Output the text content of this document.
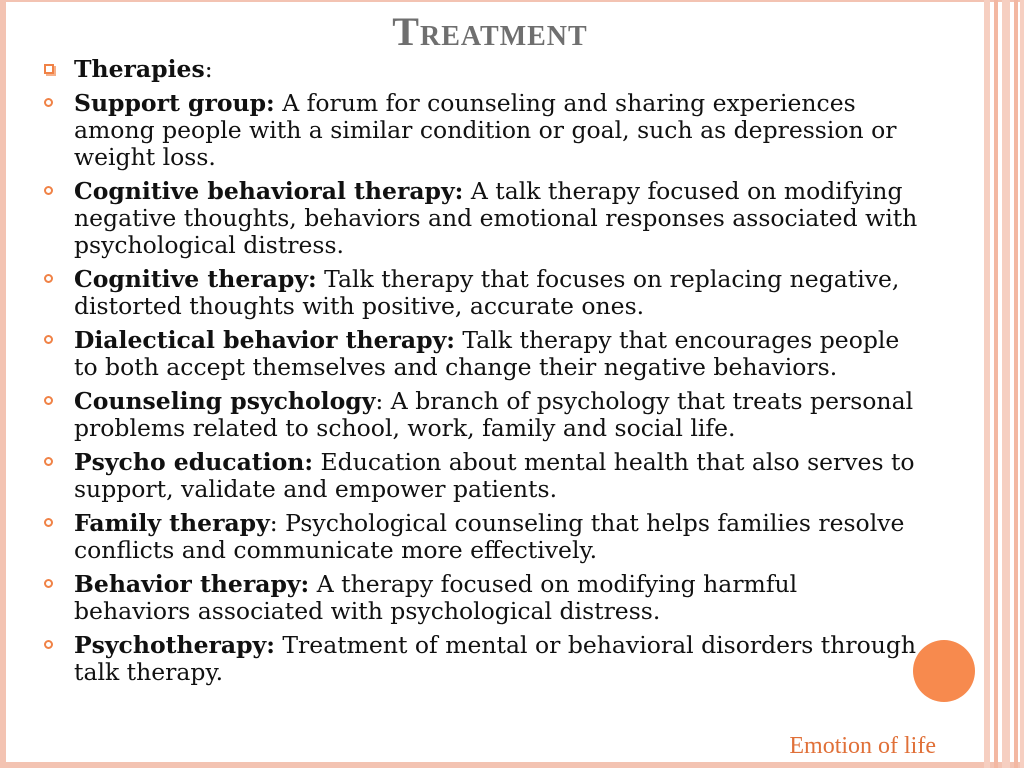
Treatment
Therapies:
Support group: A forum for counseling and sharing experiences among people with a similar condition or goal, such as depression or weight loss.
Cognitive behavioral therapy: A talk therapy focused on modifying negative thoughts, behaviors and emotional responses associated with psychological distress.
Cognitive therapy: Talk therapy that focuses on replacing negative, distorted thoughts with positive, accurate ones.
Dialectical behavior therapy: Talk therapy that encourages people to both accept themselves and change their negative behaviors.
Counseling psychology: A branch of psychology that treats personal problems related to school, work, family and social life.
Psycho education: Education about mental health that also serves to support, validate and empower patients.
Family therapy: Psychological counseling that helps families resolve conflicts and communicate more effectively.
Behavior therapy: A therapy focused on modifying harmful behaviors associated with psychological distress.
Psychotherapy: Treatment of mental or behavioral disorders through talk therapy.
Emotion of life
